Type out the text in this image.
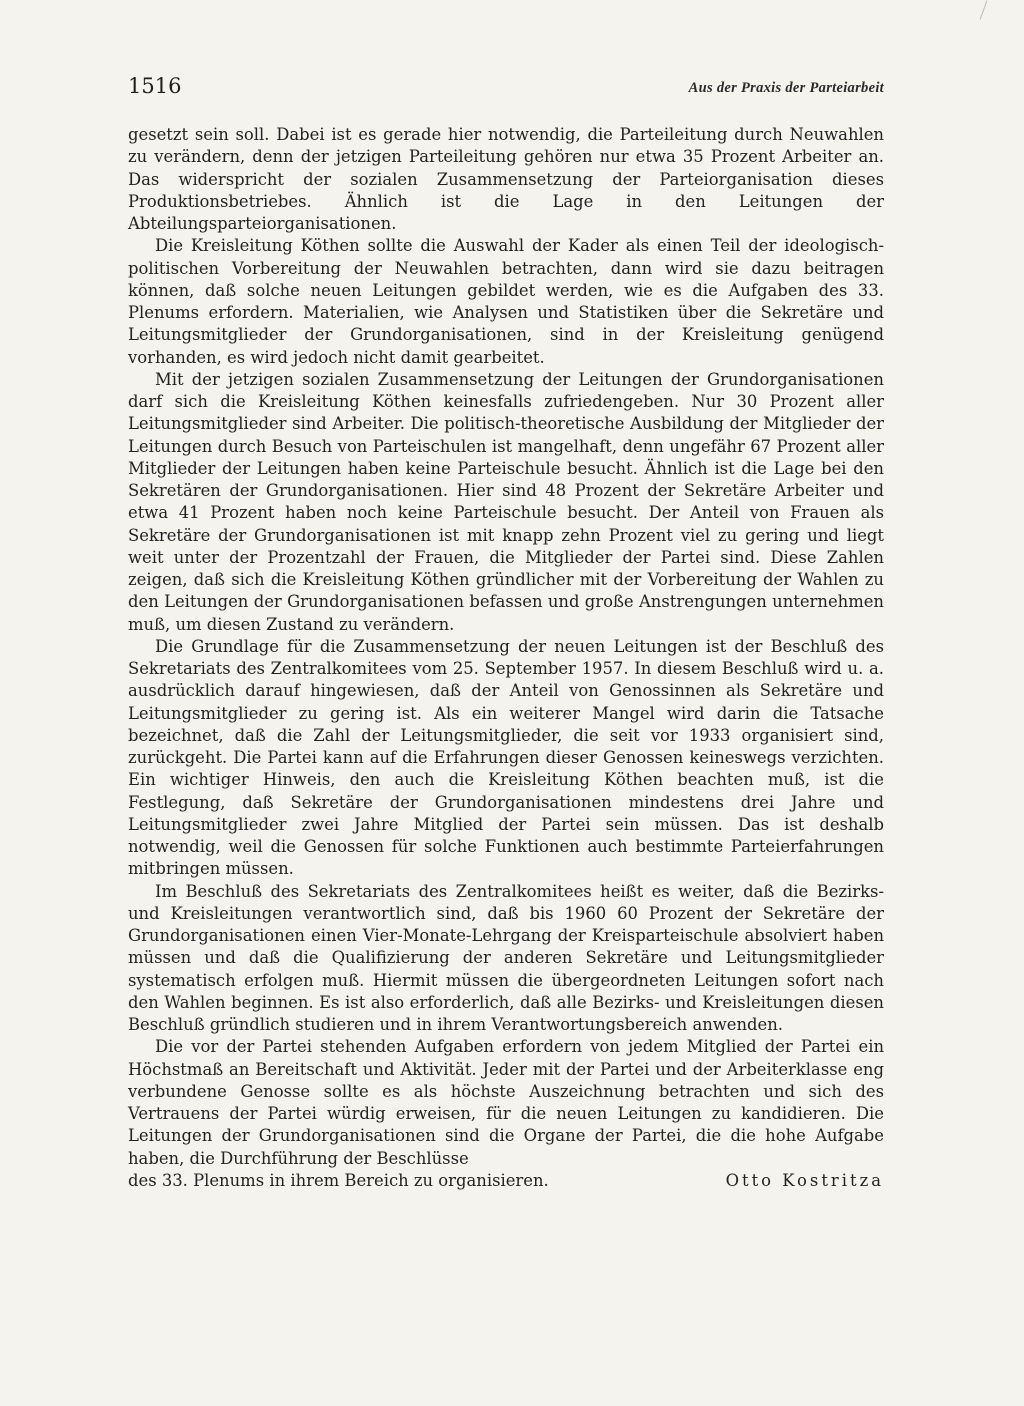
1516	Aus der Praxis der Parteiarbeit

gesetzt sein soll. Dabei ist es gerade hier notwendig, die Parteileitung durch Neuwahlen zu verändern, denn der jetzigen Parteileitung gehören nur etwa 35 Prozent Arbeiter an. Das widerspricht der sozialen Zusammensetzung der Parteiorganisation dieses Produktionsbetriebes. Ähnlich ist die Lage in den Leitungen der Abteilungsparteiorganisationen.

Die Kreisleitung Köthen sollte die Auswahl der Kader als einen Teil der ideologisch-politischen Vorbereitung der Neuwahlen betrachten, dann wird sie dazu beitragen können, daß solche neuen Leitungen gebildet werden, wie es die Aufgaben des 33. Plenums erfordern. Materialien, wie Analysen und Statistiken über die Sekretäre und Leitungsmitglieder der Grundorganisationen, sind in der Kreisleitung genügend vorhanden, es wird jedoch nicht damit gearbeitet.

Mit der jetzigen sozialen Zusammensetzung der Leitungen der Grundorganisationen darf sich die Kreisleitung Köthen keinesfalls zufriedengeben. Nur 30 Prozent aller Leitungsmitglieder sind Arbeiter. Die politisch-theoretische Ausbildung der Mitglieder der Leitungen durch Besuch von Parteischulen ist mangelhaft, denn ungefähr 67 Prozent aller Mitglieder der Leitungen haben keine Parteischule besucht. Ähnlich ist die Lage bei den Sekretären der Grundorganisationen. Hier sind 48 Prozent der Sekretäre Arbeiter und etwa 41 Prozent haben noch keine Parteischule besucht. Der Anteil von Frauen als Sekretäre der Grundorganisationen ist mit knapp zehn Prozent viel zu gering und liegt weit unter der Prozentzahl der Frauen, die Mitglieder der Partei sind. Diese Zahlen zeigen, daß sich die Kreisleitung Köthen gründlicher mit der Vorbereitung der Wahlen zu den Leitungen der Grundorganisationen befassen und große Anstrengungen unternehmen muß, um diesen Zustand zu verändern.

Die Grundlage für die Zusammensetzung der neuen Leitungen ist der Beschluß des Sekretariats des Zentralkomitees vom 25. September 1957. In diesem Beschluß wird u. a. ausdrücklich darauf hingewiesen, daß der Anteil von Genossinnen als Sekretäre und Leitungsmitglieder zu gering ist. Als ein weiterer Mangel wird darin die Tatsache bezeichnet, daß die Zahl der Leitungsmitglieder, die seit vor 1933 organisiert sind, zurückgeht. Die Partei kann auf die Erfahrungen dieser Genossen keineswegs verzichten. Ein wichtiger Hinweis, den auch die Kreisleitung Köthen beachten muß, ist die Festlegung, daß Sekretäre der Grundorganisationen mindestens drei Jahre und Leitungsmitglieder zwei Jahre Mitglied der Partei sein müssen. Das ist deshalb notwendig, weil die Genossen für solche Funktionen auch bestimmte Parteierfahrungen mitbringen müssen.

Im Beschluß des Sekretariats des Zentralkomitees heißt es weiter, daß die Bezirks- und Kreisleitungen verantwortlich sind, daß bis 1960 60 Prozent der Sekretäre der Grundorganisationen einen Vier-Monate-Lehrgang der Kreisparteischule absolviert haben müssen und daß die Qualifizierung der anderen Sekretäre und Leitungsmitglieder systematisch erfolgen muß. Hiermit müssen die übergeordneten Leitungen sofort nach den Wahlen beginnen. Es ist also erforderlich, daß alle Bezirks- und Kreisleitungen diesen Beschluß gründlich studieren und in ihrem Verantwortungsbereich anwenden.

Die vor der Partei stehenden Aufgaben erfordern von jedem Mitglied der Partei ein Höchstmaß an Bereitschaft und Aktivität. Jeder mit der Partei und der Arbeiterklasse eng verbundene Genosse sollte es als höchste Auszeichnung betrachten und sich des Vertrauens der Partei würdig erweisen, für die neuen Leitungen zu kandidieren. Die Leitungen der Grundorganisationen sind die Organe der Partei, die die hohe Aufgabe haben, die Durchführung der Beschlüsse

des 33. Plenums in ihrem Bereich zu organisieren.	Otto Kostritza
